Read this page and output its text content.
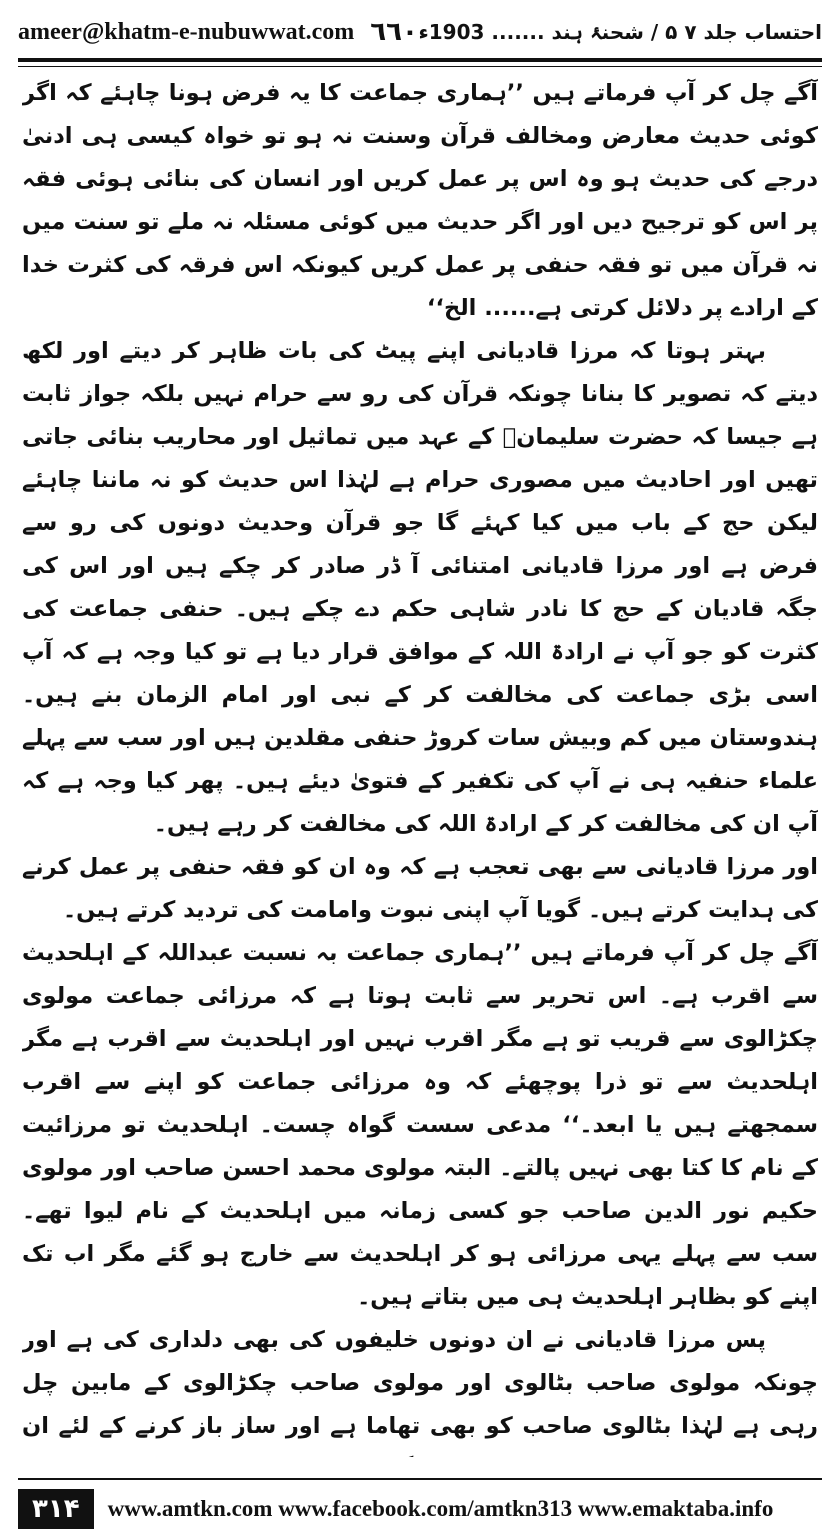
ameer@khatm-e-nubuwwat.com ٦٦٠ احتساب جلد ۷ ۵ / شحنۂ ہند ....... 1903ء

آگے چل کر آپ فرماتے ہیں ’’ہماری جماعت کا یہ فرض ہونا چاہئے کہ اگر کوئی حدیث معارض ومخالف قرآن وسنت نہ ہو تو خواہ کیسی ہی ادنیٰ درجے کی حدیث ہو وہ اس پر عمل کریں اور انسان کی بنائی ہوئی فقہ پر اس کو ترجیح دیں اور اگر حدیث میں کوئی مسئلہ نہ ملے تو سنت میں نہ قرآن میں تو فقہ حنفی پر عمل کریں کیونکہ اس فرقہ کی کثرت خدا کے ارادے پر دلائل کرتی ہے...... الخ‘‘

بہتر ہوتا کہ مرزا قادیانی اپنے پیٹ کی بات ظاہر کر دیتے اور لکھ دیتے کہ تصویر کا بنانا چونکہ قرآن کی رو سے حرام نہیں بلکہ جواز ثابت ہے جیسا کہ حضرت سلیمانؑ کے عہد میں تماثیل اور محاریب بنائی جاتی تھیں اور احادیث میں مصوری حرام ہے لہٰذا اس حدیث کو نہ ماننا چاہئے لیکن حج کے باب میں کیا کہئے گا جو قرآن وحدیث دونوں کی رو سے فرض ہے اور مرزا قادیانی امتنائی آ ڈر صادر کر چکے ہیں اور اس کی جگہ قادیان کے حج کا نادر شاہی حکم دے چکے ہیں۔ حنفی جماعت کی کثرت کو جو آپ نے ارادۃ اللہ کے موافق قرار دیا ہے تو کیا وجہ ہے کہ آپ اسی بڑی جماعت کی مخالفت کر کے نبی اور امام الزمان بنے ہیں۔ ہندوستان میں کم وبیش سات کروڑ حنفی مقلدین ہیں اور سب سے پہلے علماء حنفیہ ہی نے آپ کی تکفیر کے فتویٰ دیئے ہیں۔ پھر کیا وجہ ہے کہ آپ ان کی مخالفت کر کے ارادۃ اللہ کی مخالفت کر رہے ہیں۔

اور مرزا قادیانی سے بھی تعجب ہے کہ وہ ان کو فقہ حنفی پر عمل کرنے کی ہدایت کرتے ہیں۔ گویا آپ اپنی نبوت وامامت کی تردید کرتے ہیں۔

آگے چل کر آپ فرماتے ہیں ’’ہماری جماعت بہ نسبت عبداللہ کے اہلحدیث سے اقرب ہے۔ اس تحریر سے ثابت ہوتا ہے کہ مرزائی جماعت مولوی چکڑالوی سے قریب تو ہے مگر اقرب نہیں اور اہلحدیث سے اقرب ہے مگر اہلحدیث سے تو ذرا پوچھئے کہ وہ مرزائی جماعت کو اپنے سے اقرب سمجھتے ہیں یا ابعد۔‘‘ مدعی سست گواہ چست۔ اہلحدیث تو مرزائیت کے نام کا کتا بھی نہیں پالتے۔ البتہ مولوی محمد احسن صاحب اور مولوی حکیم نور الدین صاحب جو کسی زمانہ میں اہلحدیث کے نام لیوا تھے۔ سب سے پہلے یہی مرزائی ہو کر اہلحدیث سے خارج ہو گئے مگر اب تک اپنے کو بظاہر اہلحدیث ہی میں بتاتے ہیں۔

پس مرزا قادیانی نے ان دونوں خلیفوں کی بھی دلداری کی ہے اور چونکہ مولوی صاحب بٹالوی اور مولوی صاحب چکڑالوی کے مابین چل رہی ہے لہٰذا بٹالوی صاحب کو بھی تھاما ہے اور ساز باز کرنے کے لئے ان

۳۱۴	www.amtkn.com www.facebook.com/amtkn313 www.emaktaba.info
